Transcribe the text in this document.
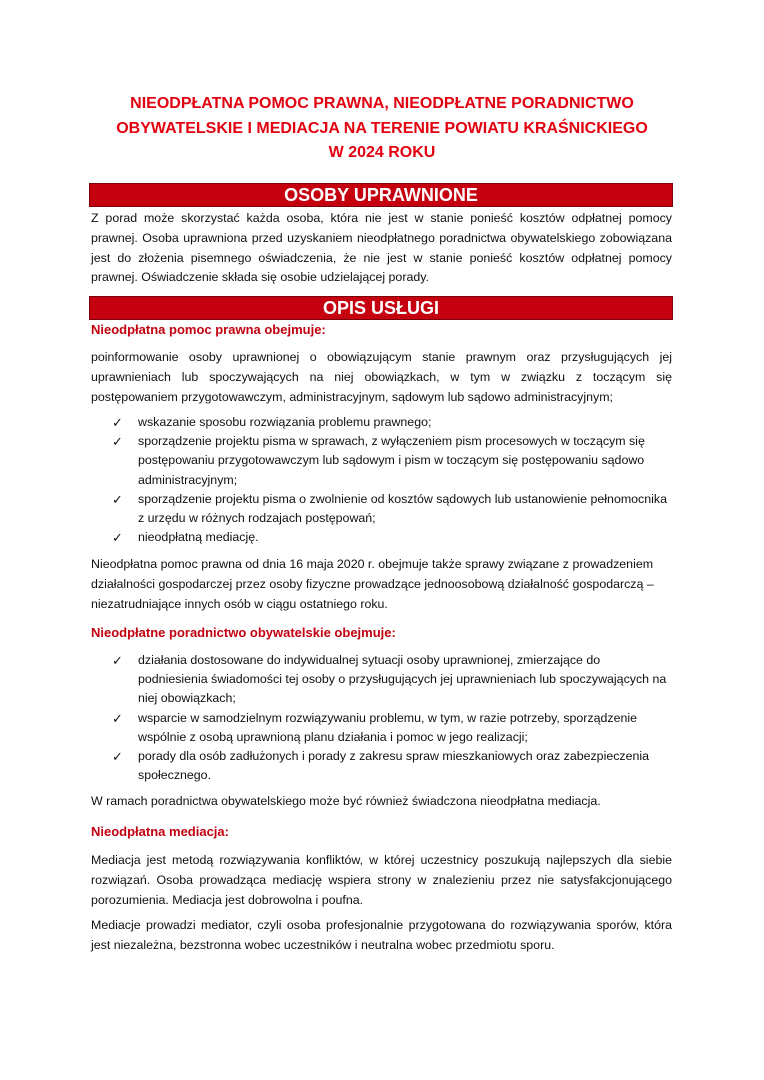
NIEODPŁATNA POMOC PRAWNA, NIEODPŁATNE PORADNICTWO
OBYWATELSKIE I MEDIACJA NA TERENIE POWIATU KRAŚNICKIEGO
W 2024 ROKU
OSOBY UPRAWNIONE
Z porad może skorzystać każda osoba, która nie jest w stanie ponieść kosztów odpłatnej pomocy prawnej. Osoba uprawniona przed uzyskaniem nieodpłatnego poradnictwa obywatelskiego zobowiązana jest do złożenia pisemnego oświadczenia, że nie jest w stanie ponieść kosztów odpłatnej pomocy prawnej. Oświadczenie składa się osobie udzielającej porady.
OPIS USŁUGI
Nieodpłatna pomoc prawna obejmuje:
poinformowanie osoby uprawnionej o obowiązującym stanie prawnym oraz przysługujących jej uprawnieniach lub spoczywających na niej obowiązkach, w tym w związku z toczącym się postępowaniem przygotowawczym, administracyjnym, sądowym lub sądowo administracyjnym;
✓ wskazanie sposobu rozwiązania problemu prawnego;
✓ sporządzenie projektu pisma w sprawach, z wyłączeniem pism procesowych w toczącym się postępowaniu przygotowawczym lub sądowym i pism w toczącym się postępowaniu sądowo administracyjnym;
✓ sporządzenie projektu pisma o zwolnienie od kosztów sądowych lub ustanowienie pełnomocnika z urzędu w różnych rodzajach postępowań;
✓ nieodpłatną mediację.
Nieodpłatna pomoc prawna od dnia 16 maja 2020 r. obejmuje także sprawy związane z prowadzeniem działalności gospodarczej przez osoby fizyczne prowadzące jednoosobową działalność gospodarczą – niezatrudniające innych osób w ciągu ostatniego roku.
Nieodpłatne poradnictwo obywatelskie obejmuje:
✓ działania dostosowane do indywidualnej sytuacji osoby uprawnionej, zmierzające do podniesienia świadomości tej osoby o przysługujących jej uprawnieniach lub spoczywających na niej obowiązkach;
✓ wsparcie w samodzielnym rozwiązywaniu problemu, w tym, w razie potrzeby, sporządzenie wspólnie z osobą uprawnioną planu działania i pomoc w jego realizacji;
✓ porady dla osób zadłużonych i porady z zakresu spraw mieszkaniowych oraz zabezpieczenia społecznego.
W ramach poradnictwa obywatelskiego może być również świadczona nieodpłatna mediacja.
Nieodpłatna mediacja:
Mediacja jest metodą rozwiązywania konfliktów, w której uczestnicy poszukują najlepszych dla siebie rozwiązań. Osoba prowadząca mediację wspiera strony w znalezieniu przez nie satysfakcjonującego porozumienia. Mediacja jest dobrowolna i poufna.
Mediacje prowadzi mediator, czyli osoba profesjonalnie przygotowana do rozwiązywania sporów, która jest niezależna, bezstronna wobec uczestników i neutralna wobec przedmiotu sporu.
